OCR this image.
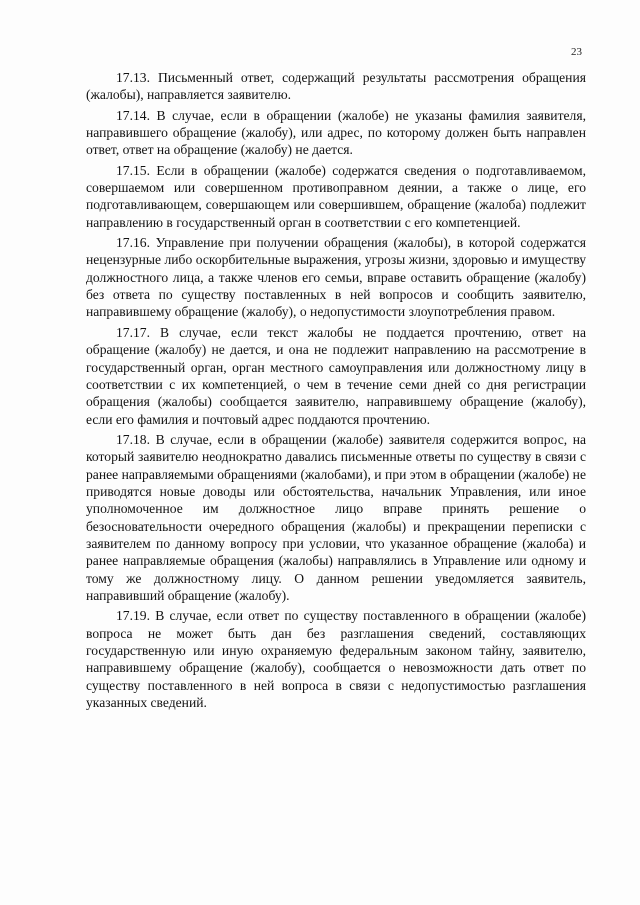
23

17.13. Письменный ответ, содержащий результаты рассмотрения обращения (жалобы), направляется заявителю.

17.14. В случае, если в обращении (жалобе) не указаны фамилия заявителя, направившего обращение (жалобу), или адрес, по которому должен быть направлен ответ, ответ на обращение (жалобу) не дается.

17.15. Если в обращении (жалобе) содержатся сведения о подготавливаемом, совершаемом или совершенном противоправном деянии, а также о лице, его подготавливающем, совершающем или совершившем, обращение (жалоба) подлежит направлению в государственный орган в соответствии с его компетенцией.

17.16. Управление при получении обращения (жалобы), в которой содержатся нецензурные либо оскорбительные выражения, угрозы жизни, здоровью и имуществу должностного лица, а также членов его семьи, вправе оставить обращение (жалобу) без ответа по существу поставленных в ней вопросов и сообщить заявителю, направившему обращение (жалобу), о недопустимости злоупотребления правом.

17.17. В случае, если текст жалобы не поддается прочтению, ответ на обращение (жалобу) не дается, и она не подлежит направлению на рассмотрение в государственный орган, орган местного самоуправления или должностному лицу в соответствии с их компетенцией, о чем в течение семи дней со дня регистрации обращения (жалобы) сообщается заявителю, направившему обращение (жалобу), если его фамилия и почтовый адрес поддаются прочтению.

17.18. В случае, если в обращении (жалобе) заявителя содержится вопрос, на который заявителю неоднократно давались письменные ответы по существу в связи с ранее направляемыми обращениями (жалобами), и при этом в обращении (жалобе) не приводятся новые доводы или обстоятельства, начальник Управления, или иное уполномоченное им должностное лицо вправе принять решение о безосновательности очередного обращения (жалобы) и прекращении переписки с заявителем по данному вопросу при условии, что указанное обращение (жалоба) и ранее направляемые обращения (жалобы) направлялись в Управление или одному и тому же должностному лицу. О данном решении уведомляется заявитель, направивший обращение (жалобу).

17.19. В случае, если ответ по существу поставленного в обращении (жалобе) вопроса не может быть дан без разглашения сведений, составляющих государственную или иную охраняемую федеральным законом тайну, заявителю, направившему обращение (жалобу), сообщается о невозможности дать ответ по существу поставленного в ней вопроса в связи с недопустимостью разглашения указанных сведений.
